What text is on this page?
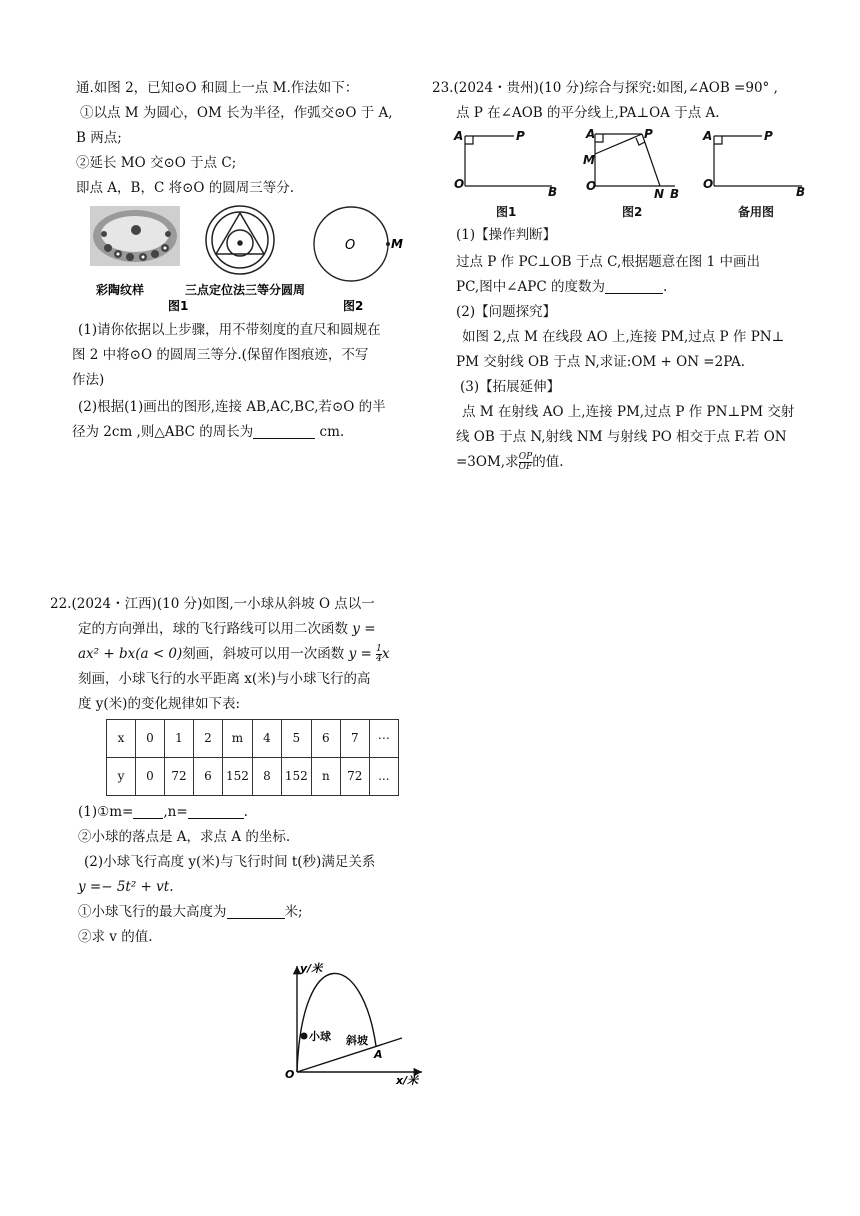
通.如图 2，已知⊙O 和圆上一点 M.作法如下：

①以点 M 为圆心，OM 长为半径，作弧交⊙O 于 A,

B 两点;

②延长 MO 交⊙O 于点 C;

即点 A，B，C 将⊙O 的圆周三等分.

O	M
彩陶纹样	三点定位法三等分圆周
图1	图2

(1)请你依据以上步骤，用不带刻度的直尺和圆规在

图 2 中将⊙O 的圆周三等分.(保留作图痕迹，不写

作法)

(2)根据(1)画出的图形,连接 AB,AC,BC,若⊙O 的半

径为 2cm ,则△ABC 的周长为	cm.

22.(2024・江西)(10 分)如图,一小球从斜坡 O 点以一

定的方向弹出，球的飞行路线可以用二次函数 y =

ax² + bx(a < 0)刻画，斜坡可以用一次函数 $y = \frac{1}{4}$ x

刻画，小球飞行的水平距离 x(米)与小球飞行的高

度 y(米)的变化规律如下表:

x	0	1	2	m	4	5	6	7	⋯
y	0	72	6	152	8	152	n	72	...

(1)①m= ,n=	.

②小球的落点是 A，求点 A 的坐标.

(2)小球飞行高度 y(米)与飞行时间 t(秒)满足关系

y =− 5t² + vt.

①小球飞行的最大高度为	米;

②求 v 的值.

y/米
x/米
O
小球 斜坡
A

23.(2024・贵州)(10 分)综合与探究:如图,∠AOB =90° ,

点 P 在∠AOB 的平分线上,PA⊥OA 于点 A.

A	P
O
B
A	P
M
O
N B
A	P
O
B
图1	图2	备用图

(1)【操作判断】

过点 P 作 PC⊥OB 于点 C,根据题意在图 1 中画出

PC,图中∠APC 的度数为	.

(2)【问题探究】

如图 2,点 M 在线段 AO 上,连接 PM,过点 P 作 PN⊥

PM 交射线 OB 于点 N,求证:OM + ON =2PA.

(3)【拓展延伸】

点 M 在射线 AO 上,连接 PM,过点 P 作 PN⊥PM 交射

线 OB 于点 N,射线 NM 与射线 PO 相交于点 F.若 ON

=3OM,求 $\frac{OP}{OF}$ 的值.
